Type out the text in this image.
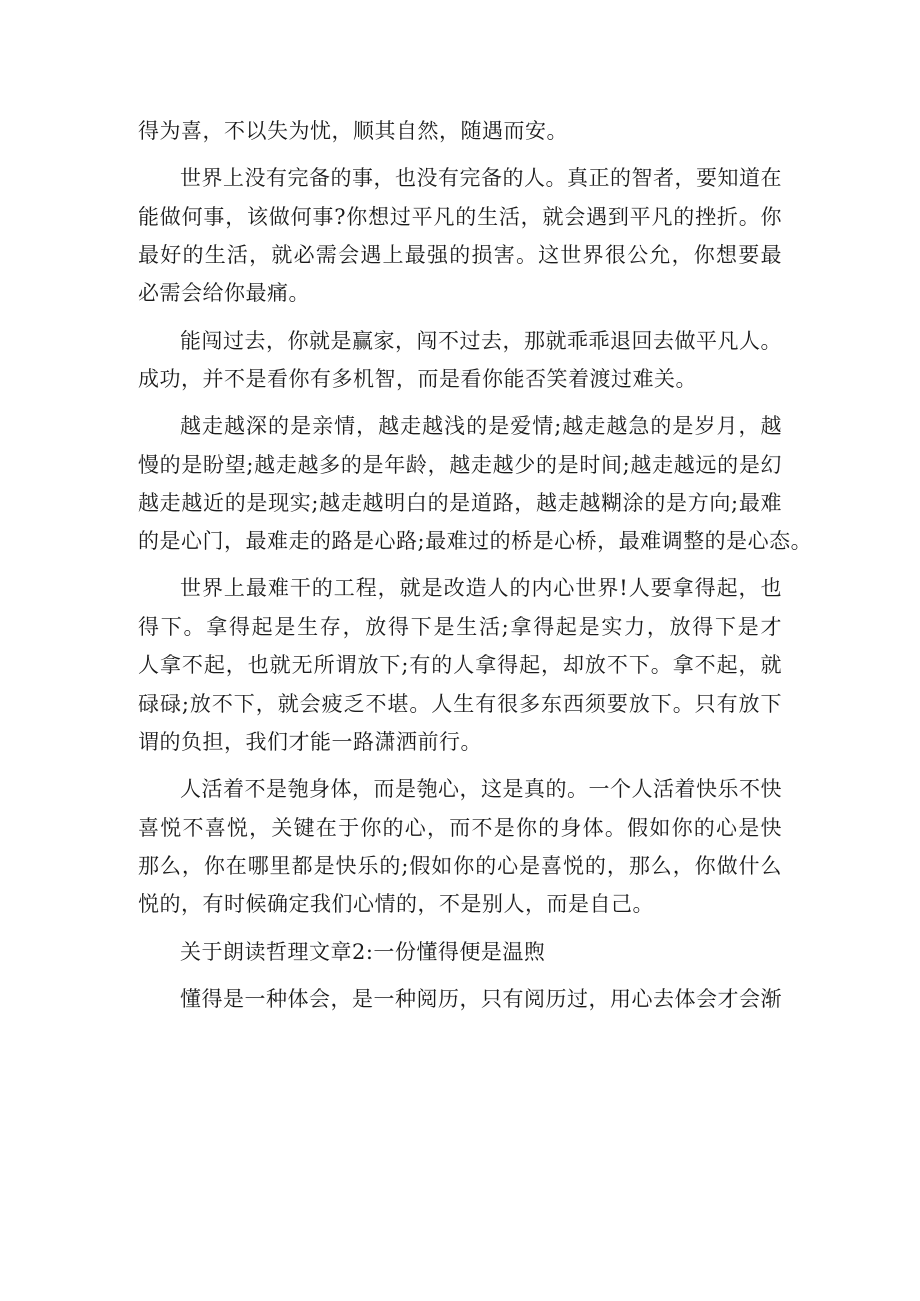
得为喜，不以失为忧，顺其自然，随遇而安。
世界上没有完备的事，也没有完备的人。真正的智者，要知道在
能做何事，该做何事?你想过平凡的生活，就会遇到平凡的挫折。你
最好的生活，就必需会遇上最强的损害。这世界很公允，你想要最
必需会给你最痛。
能闯过去，你就是赢家，闯不过去，那就乖乖退回去做平凡人。
成功，并不是看你有多机智，而是看你能否笑着渡过难关。
越走越深的是亲情，越走越浅的是爱情;越走越急的是岁月，越
慢的是盼望;越走越多的是年龄，越走越少的是时间;越走越远的是幻
越走越近的是现实;越走越明白的是道路，越走越糊涂的是方向;最难
的是心门，最难走的路是心路;最难过的桥是心桥，最难调整的是心态。
世界上最难干的工程，就是改造人的内心世界!人要拿得起，也
得下。拿得起是生存，放得下是生活;拿得起是实力，放得下是才
人拿不起，也就无所谓放下;有的人拿得起，却放不下。拿不起，就
碌碌;放不下，就会疲乏不堪。人生有很多东西须要放下。只有放下
谓的负担，我们才能一路潇洒前行。
人活着不是匏身体，而是匏心，这是真的。一个人活着快乐不快
喜悦不喜悦，关键在于你的心，而不是你的身体。假如你的心是快
那么，你在哪里都是快乐的;假如你的心是喜悦的，那么，你做什么
悦的，有时候确定我们心情的，不是别人，而是自己。
关于朗读哲理文章2:一份懂得便是温煦
懂得是一种体会，是一种阅历，只有阅历过，用心去体会才会渐
